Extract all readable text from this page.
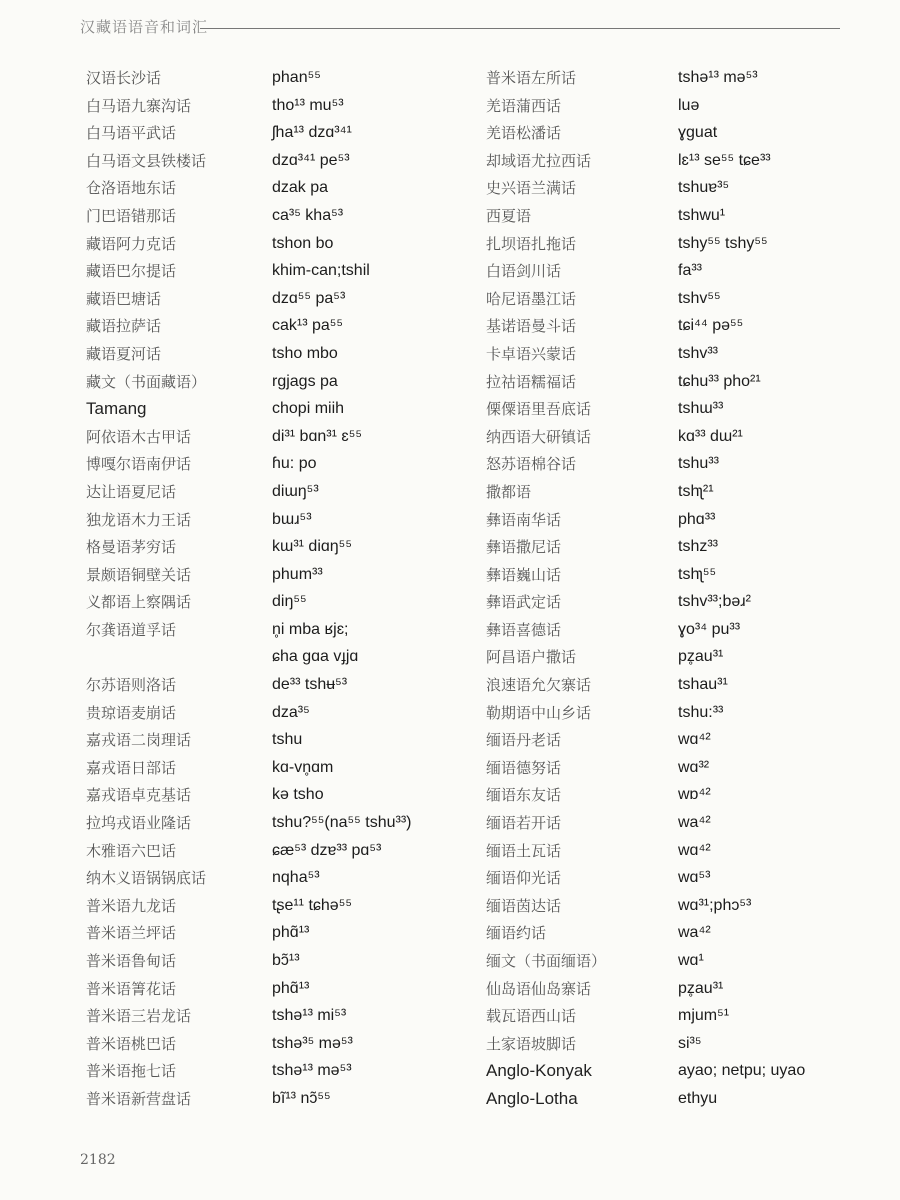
汉藏语语音和词汇
汉语长沙话	phan⁵⁵
白马语九寨沟话	tho¹³ mu⁵³
白马语平武话	ʃha¹³ dzɑ³⁴¹
白马语文县铁楼话	dzɑ³⁴¹ pe⁵³
仓洛语地东话	dzak pa
门巴语错那话	ca³⁵ kha⁵³
藏语阿力克话	tshon bo
藏语巴尔提话	khim-can;tshil
藏语巴塘话	dzɑ⁵⁵ pa⁵³
藏语拉萨话	cak¹³ pa⁵⁵
藏语夏河话	tsho mbo
藏文（书面藏语）	rgjags pa
Tamang	chopi miih
阿依语木古甲话	di³¹ bɑn³¹ ɛ⁵⁵
博嘎尔语南伊话	ɦu: po
达让语夏尼话	diɯŋ⁵³
独龙语木力王话	bɯɹ⁵³
格曼语茅穷话	kɯ³¹ diɑŋ⁵⁵
景颇语铜壁关话	phum³³
义都语上察隅话	diŋ⁵⁵
尔龚语道孚话	n̥i mba ʁjɛ;
ɕha gɑa vɟjɑ
尔苏语则洛话	de³³ tshʉ⁵³
贵琼语麦崩话	dza³⁵
嘉戎语二岗理话	tshu
嘉戎语日部话	kɑ-vn̥ɑm
嘉戎语卓克基话	kə tsho
拉坞戎语业隆话	tshu?⁵⁵(na⁵⁵ tshu³³)
木雅语六巴话	ɕæ⁵³ dzɐ³³ pɑ⁵³
纳木义语锅锅底话	nqha⁵³
普米语九龙话	tʂe¹¹ tɕhə⁵⁵
普米语兰坪话	phɑ̃¹³
普米语鲁甸话	bɔ̃¹³
普米语箐花话	phɑ̃¹³
普米语三岩龙话	tshə¹³ mi⁵³
普米语桃巴话	tshə³⁵ mə⁵³
普米语拖七话	tshə¹³ mə⁵³
普米语新营盘话	bĩ¹³ nɔ̃⁵⁵
普米语左所话	tshə¹³ mə⁵³
羌语蒲西话	luə
羌语松潘话	ɣguat
却域语尤拉西话	lɛ¹³ se⁵⁵ tɕe³³
史兴语兰满话	tshuɐ³⁵
西夏语	tshwu¹
扎坝语扎拖话	tshy⁵⁵ tshy⁵⁵
白语剑川话	fa³³
哈尼语墨江话	tshv⁵⁵
基诺语曼斗话	tɕi⁴⁴ pə⁵⁵
卡卓语兴蒙话	tshv³³
拉祜语糯福话	tɕhu³³ pho²¹
傈僳语里吾底话	tshɯ³³
纳西语大研镇话	kɑ³³ dɯ²¹
怒苏语棉谷话	tshu³³
撒都语	tshʅ²¹
彝语南华话	phɑ³³
彝语撒尼话	tshz³³
彝语巍山话	tshʅ⁵⁵
彝语武定话	tshv³³;bəɹ²
彝语喜德话	ɣo³⁴ pu³³
阿昌语户撒话	pz̥au³¹
浪速语允欠寨话	tshau³¹
勒期语中山乡话	tshu:³³
缅语丹老话	wɑ⁴²
缅语德努话	wɑ³²
缅语东友话	wɒ⁴²
缅语若开话	wa⁴²
缅语土瓦话	wɑ⁴²
缅语仰光话	wɑ⁵³
缅语茵达话	wɑ³¹;phɔ⁵³
缅语约话	wa⁴²
缅文（书面缅语）	wɑ¹
仙岛语仙岛寨话	pz̥au³¹
载瓦语西山话	mjum⁵¹
土家语坡脚话	si³⁵
Anglo-Konyak	ayao; netpu; uyao
Anglo-Lotha	ethyu
2182
